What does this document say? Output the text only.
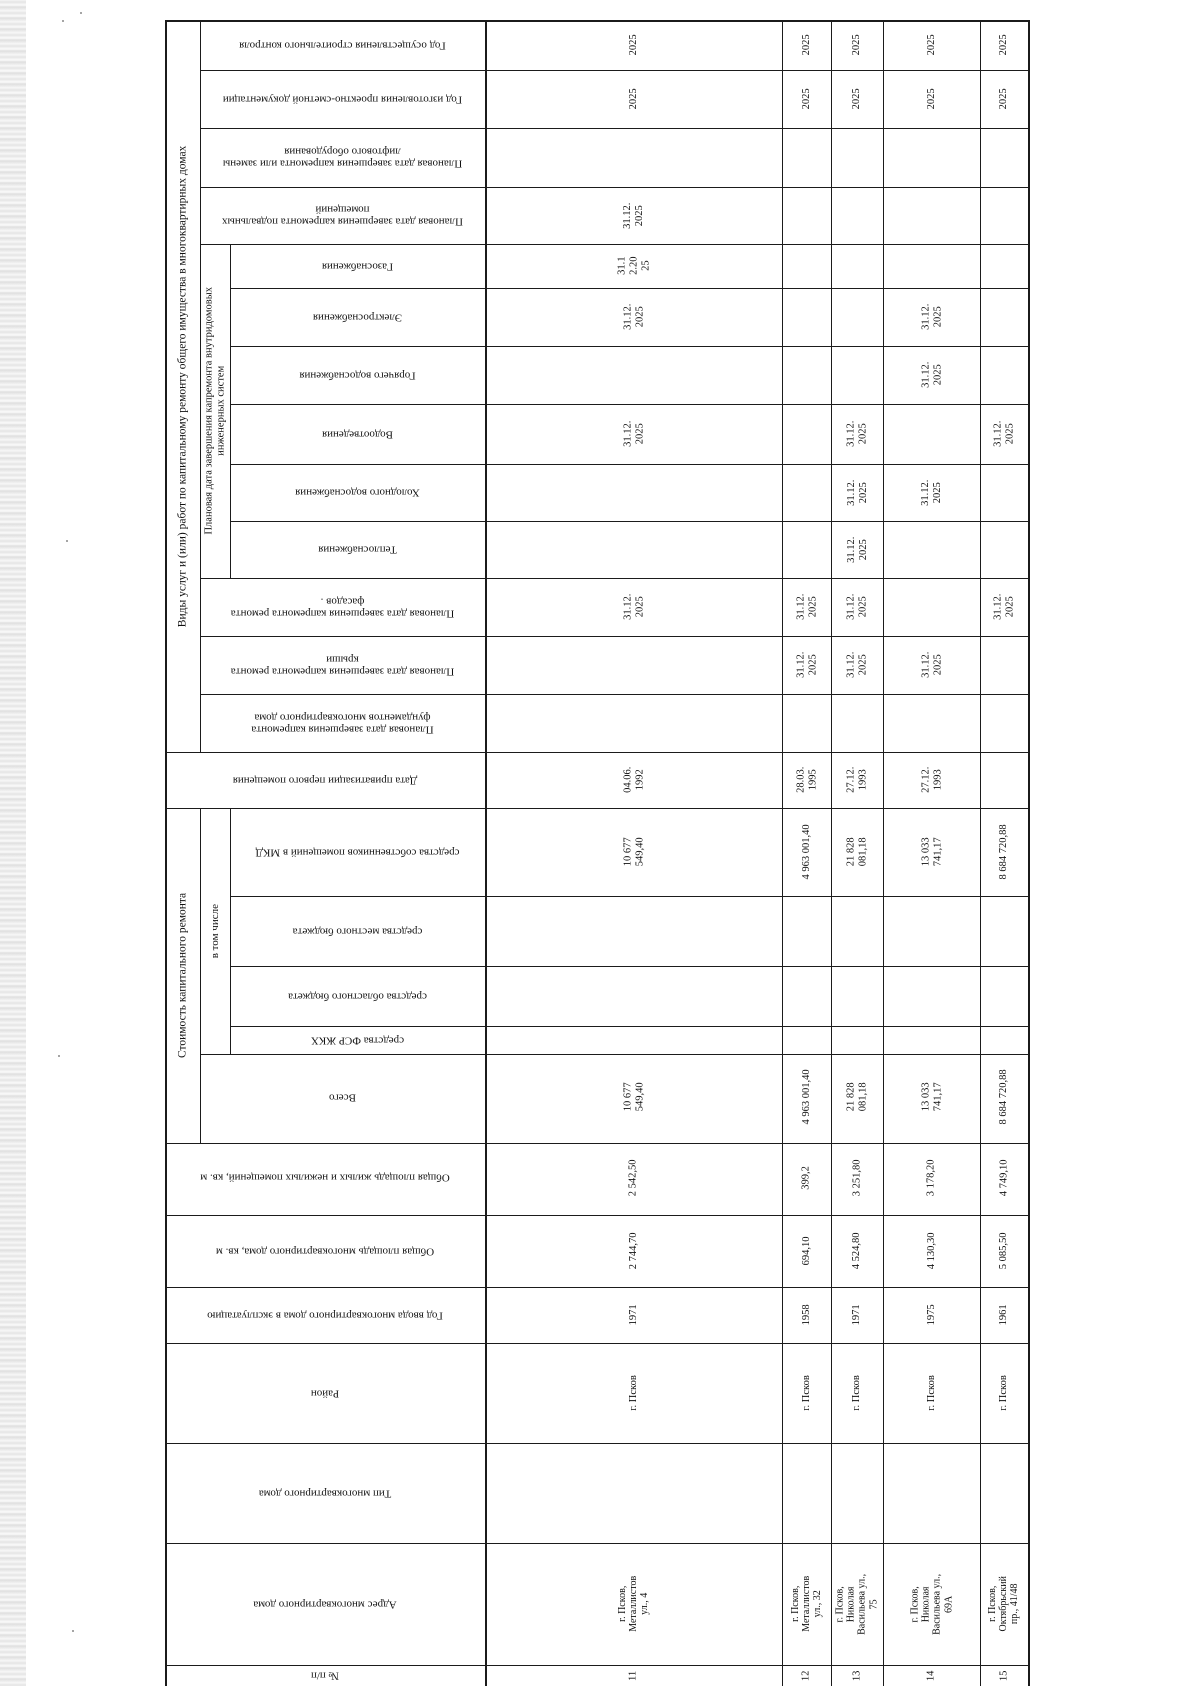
Виды услуг и (или) работ по капитальному ремонту общего имущества в многоквартирных домах
Стоимость капитального ремонта в том числе
Плановая дата завершения капремонта внутридомовых
инженерных систем
Год осуществления строительного контроля
Год изготовления проектно-сметной документации
Плановая дата завершения капремонта или замены
лифтового оборудования
Плановая дата завершения капремонта подвальных
помещений
Газоснабжения
Электроснабжения
Горячего водоснабжения
Водоотведения
Холодного водоснабжения
Теплоснабжения
Плановая дата завершения капремонта ремонта
фасадов .
Плановая дата завершения капремонта ремонта
крыши
Плановая дата завершения капремонта
фундаментов многоквартирного дома
Дата приватизации первого помещения
средства собственников помещений в МКД
средства местного бюджета
средства областного бюджета
средства ФСР ЖКХ
Всего
Общая площадь жилых и нежилых помещений, кв. м
Общая площадь многоквартирного дома, кв. м
Год ввода многоквартирного дома в эксплуатацию
Район
Тип многоквартирного дома
Адрес многоквартирного дома
№ п/п
2025
2025
31.12.
2025
31.1
2.20
25
31.12.
2025
31.12.
2025
31.12.
2025
04.06.
1992
10 677
549,40
10 677
549,40
2 542,50
2 744,70
1971
г. Псков
г. Псков,
Металлистов
ул., 4
11
2025
2025
31.12.
2025
31.12.
2025
28.03.
1995
4 963 001,40
4 963 001,40
399,2
694,10
1958
г. Псков
г. Псков,
Металлистов
ул., 32
12
2025
2025
31.12.
2025
31.12.
2025
31.12.
2025
31.12.
2025
31.12.
2025
27.12.
1993
21 828
081,18
21 828
081,18
3 251,80
4 524,80
1971
г. Псков
г. Псков,
Николая
Васильева ул.,
75
13
2025
2025
31.12.
2025
31.12.
2025
31.12.
2025
31.12.
2025
27.12.
1993
13 033
741,17
13 033
741,17
3 178,20
4 130,30
1975
г. Псков
г. Псков,
Николая
Васильева ул.,
69А
14
2025
2025
31.12.
2025
31.12.
2025
8 684 720,88
8 684 720,88
4 749,10
5 085,50
1961
г. Псков
г. Псков,
Октябрьский
пр., 41/48
15
